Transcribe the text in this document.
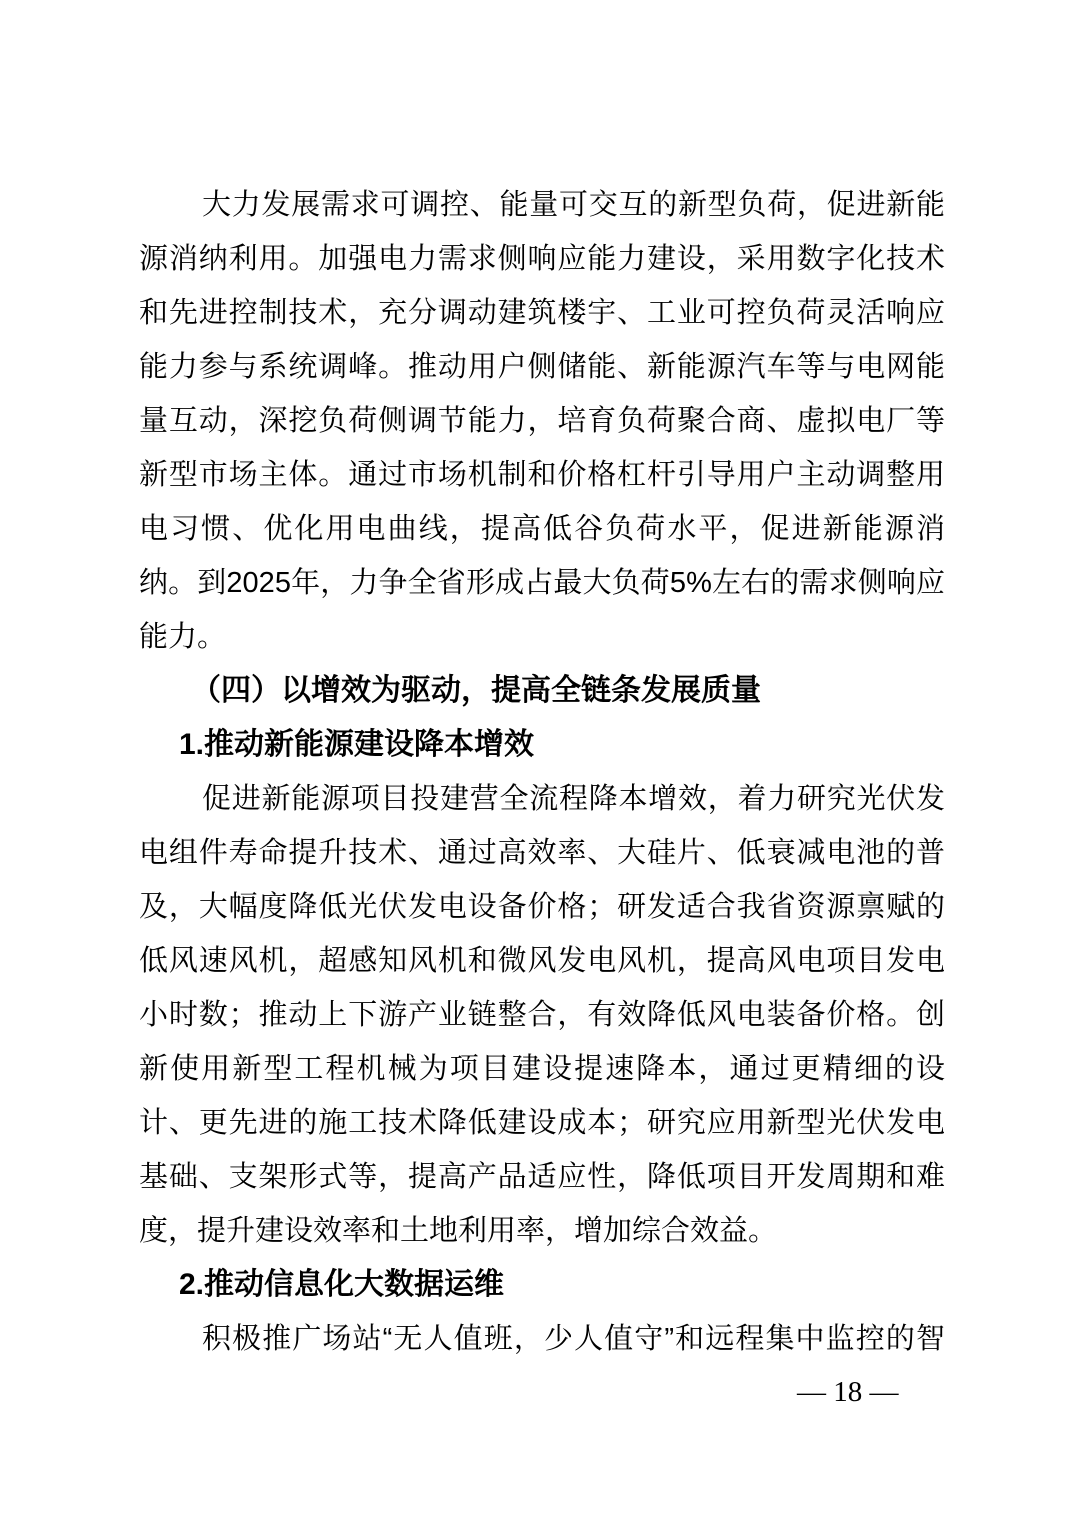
大力发展需求可调控、能量可交互的新型负荷，促进新能
源消纳利用。加强电力需求侧响应能力建设，采用数字化技术
和先进控制技术，充分调动建筑楼宇、工业可控负荷灵活响应
能力参与系统调峰。推动用户侧储能、新能源汽车等与电网能
量互动，深挖负荷侧调节能力，培育负荷聚合商、虚拟电厂等
新型市场主体。通过市场机制和价格杠杆引导用户主动调整用
电习惯、优化用电曲线，提高低谷负荷水平，促进新能源消
纳。到2025年，力争全省形成占最大负荷5%左右的需求侧响应
能力。
（四）以增效为驱动，提高全链条发展质量
1.推动新能源建设降本增效
促进新能源项目投建营全流程降本增效，着力研究光伏发
电组件寿命提升技术、通过高效率、大硅片、低衰减电池的普
及，大幅度降低光伏发电设备价格；研发适合我省资源禀赋的
低风速风机，超感知风机和微风发电风机，提高风电项目发电
小时数；推动上下游产业链整合，有效降低风电装备价格。创
新使用新型工程机械为项目建设提速降本，通过更精细的设
计、更先进的施工技术降低建设成本；研究应用新型光伏发电
基础、支架形式等，提高产品适应性，降低项目开发周期和难
度，提升建设效率和土地利用率，增加综合效益。
2.推动信息化大数据运维
积极推广场站“无人值班，少人值守”和远程集中监控的智
— 18 —
